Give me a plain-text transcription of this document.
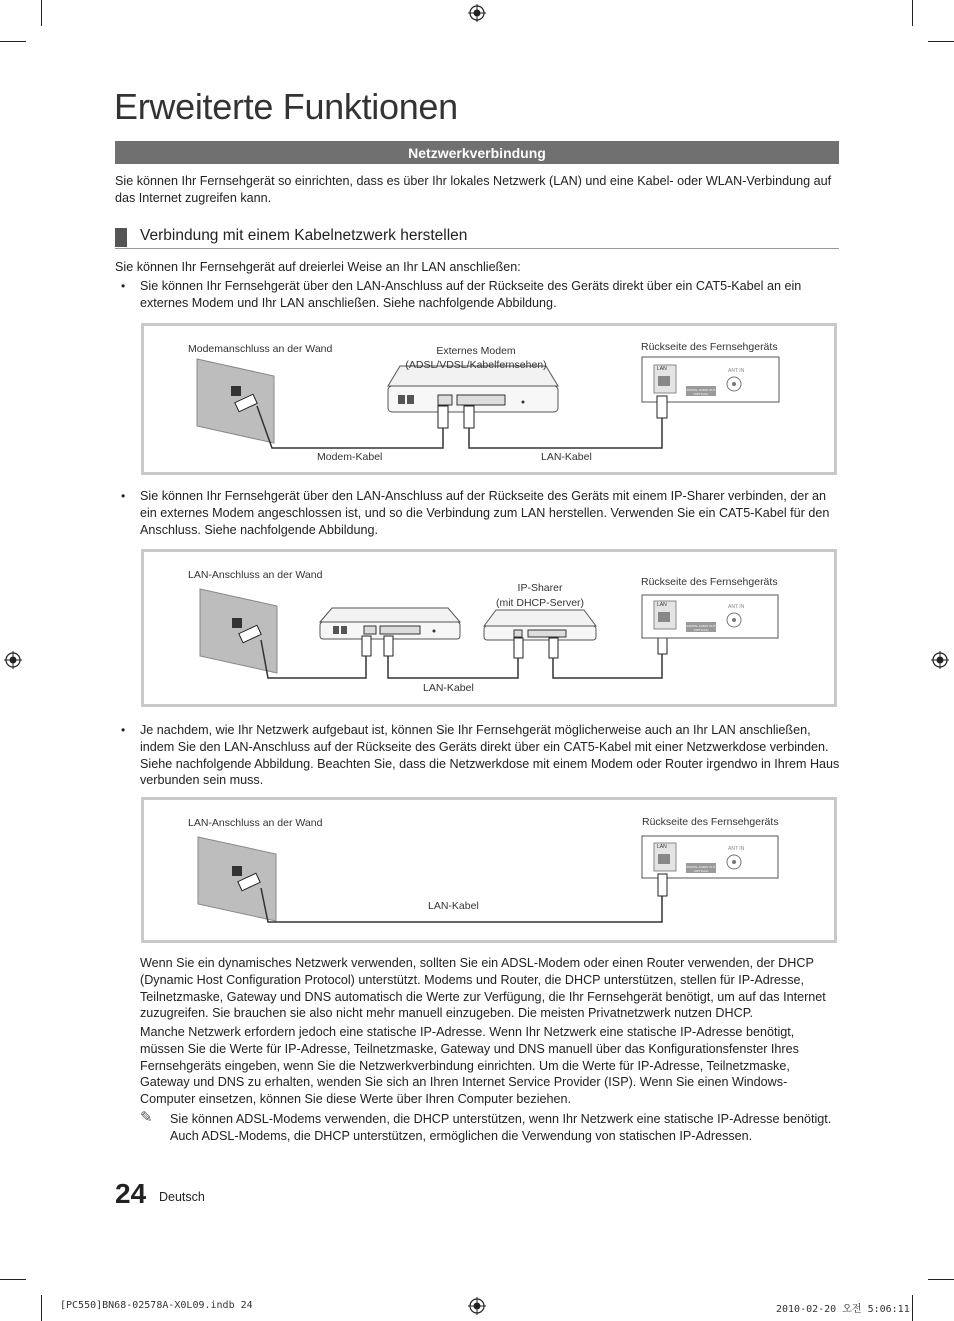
Erweiterte Funktionen
Netzwerkverbindung
Sie können Ihr Fernsehgerät so einrichten, dass es über Ihr lokales Netzwerk (LAN) und eine Kabel- oder WLAN-Verbindung auf das Internet zugreifen kann.
Verbindung mit einem Kabelnetzwerk herstellen
Sie können Ihr Fernsehgerät auf dreierlei Weise an Ihr LAN anschließen:
• Sie können Ihr Fernsehgerät über den LAN-Anschluss auf der Rückseite des Geräts direkt über ein CAT5-Kabel an ein externes Modem und Ihr LAN anschließen. Siehe nachfolgende Abbildung.
Modemanschluss an der Wand	Externes Modem
(ADSL/VDSL/Kabelfernsehen)
Rückseite des Fernsehgeräts
Modem-Kabel	LAN-Kabel
LAN	ANT IN
DIGITAL AUDIO OUT (OPTICAL)
• Sie können Ihr Fernsehgerät über den LAN-Anschluss auf der Rückseite des Geräts mit einem IP-Sharer verbinden, der an ein externes Modem angeschlossen ist, und so die Verbindung zum LAN herstellen. Verwenden Sie ein CAT5-Kabel für den Anschluss. Siehe nachfolgende Abbildung.
LAN-Anschluss an der Wand
IP-Sharer
(mit DHCP-Server)
Rückseite des Fernsehgeräts
LAN-Kabel
LAN	ANT IN
DIGITAL AUDIO OUT (OPTICAL)
• Je nachdem, wie Ihr Netzwerk aufgebaut ist, können Sie Ihr Fernsehgerät möglicherweise auch an Ihr LAN anschließen, indem Sie den LAN-Anschluss auf der Rückseite des Geräts direkt über ein CAT5-Kabel mit einer Netzwerkdose verbinden. Siehe nachfolgende Abbildung. Beachten Sie, dass die Netzwerkdose mit einem Modem oder Router irgendwo in Ihrem Haus verbunden sein muss.
LAN-Anschluss an der Wand	Rückseite des Fernsehgeräts
LAN-Kabel
LAN	ANT IN
DIGITAL AUDIO OUT (OPTICAL)
Wenn Sie ein dynamisches Netzwerk verwenden, sollten Sie ein ADSL-Modem oder einen Router verwenden, der DHCP (Dynamic Host Configuration Protocol) unterstützt. Modems und Router, die DHCP unterstützen, stellen für IP-Adresse, Teilnetzmaske, Gateway und DNS automatisch die Werte zur Verfügung, die Ihr Fernsehgerät benötigt, um auf das Internet zuzugreifen. Sie brauchen sie also nicht mehr manuell einzugeben. Die meisten Privatnetzwerk nutzen DHCP.
Manche Netzwerk erfordern jedoch eine statische IP-Adresse. Wenn Ihr Netzwerk eine statische IP-Adresse benötigt, müssen Sie die Werte für IP-Adresse, Teilnetzmaske, Gateway und DNS manuell über das Konfigurationsfenster Ihres Fernsehgeräts eingeben, wenn Sie die Netzwerkverbindung einrichten. Um die Werte für IP-Adresse, Teilnetzmaske, Gateway und DNS zu erhalten, wenden Sie sich an Ihren Internet Service Provider (ISP). Wenn Sie einen Windows-Computer einsetzen, können Sie diese Werte über Ihren Computer beziehen.
✎ Sie können ADSL-Modems verwenden, die DHCP unterstützen, wenn Ihr Netzwerk eine statische IP-Adresse benötigt. Auch ADSL-Modems, die DHCP unterstützen, ermöglichen die Verwendung von statischen IP-Adressen.
24 Deutsch
[PC550]BN68-02578A-X0L09.indb 24	2010-02-20 오전 5:06:11
